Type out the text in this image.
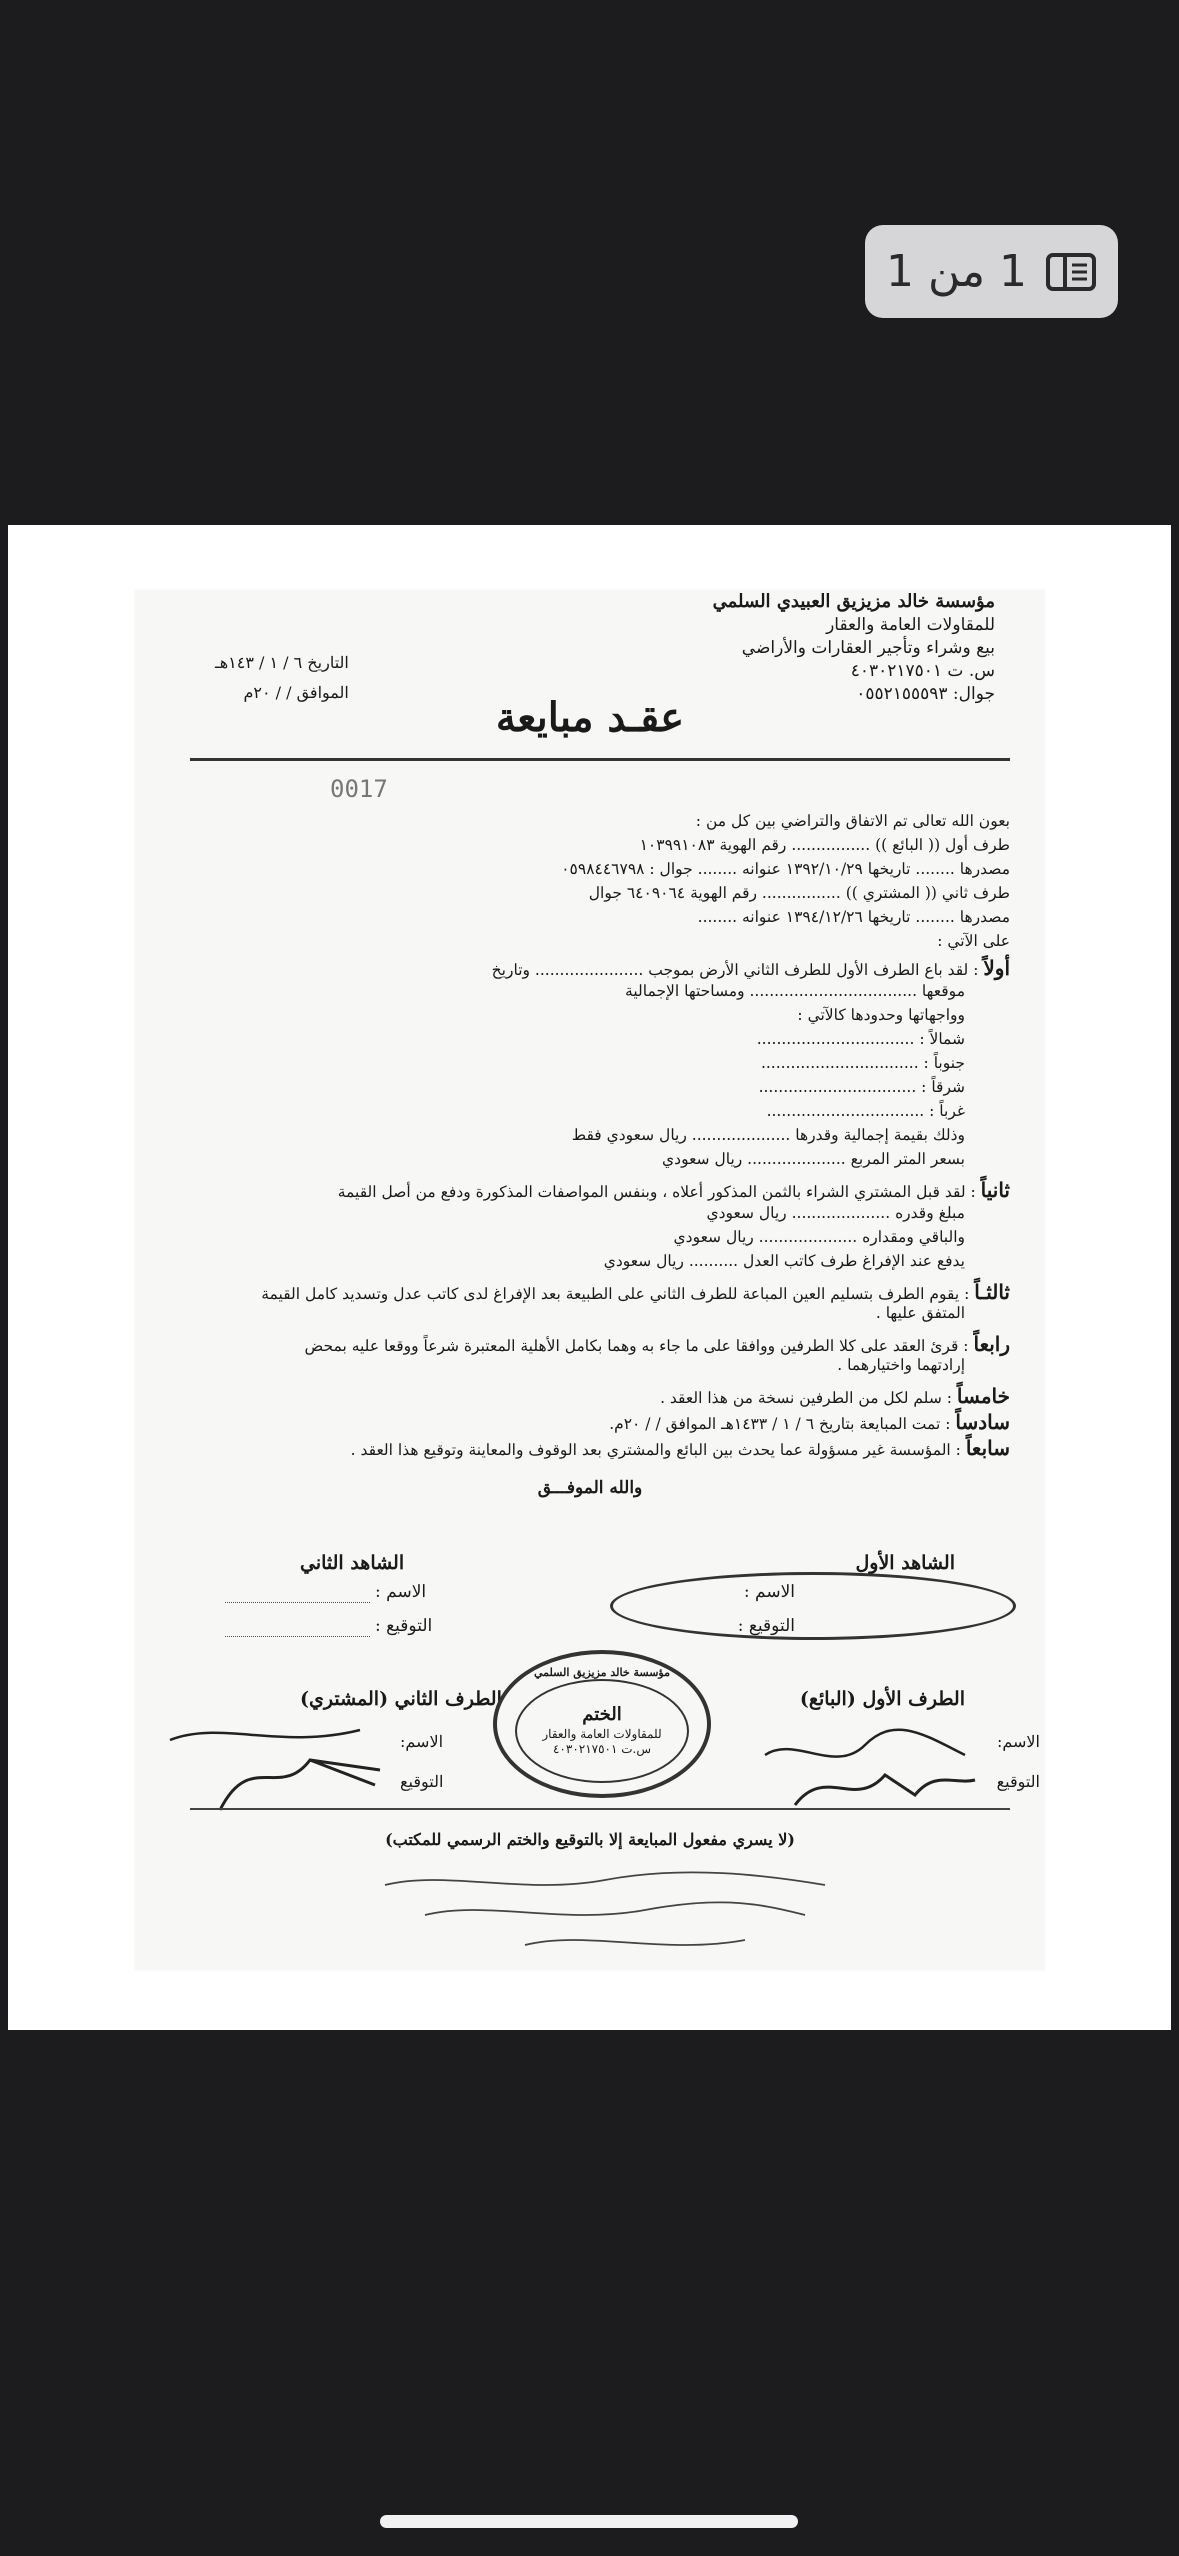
1 من 1
مؤسسة خالد مزيزيق العبيدي السلمي
للمقاولات العامة والعقار
بيع وشراء وتأجير العقارات والأراضي
س. ت ٤٠٣٠٢١٧٥٠١
جوال: ٠٥٥٢١٥٥٥٩٣
التاريخ ٦ / ١ / ١٤٣هـ
الموافق / / ٢٠م
عقـد مبايعة
0017
بعون الله تعالى تم الاتفاق والتراضي بين كل من :
طرف أول (( البائع )) ................ رقم الهوية ١٠٣٩٩١٠٨٣
مصدرها ........ تاريخها ١٣٩٢/١٠/٢٩ عنوانه ........ جوال : ٠٥٩٨٤٤٦٧٩٨
طرف ثاني (( المشتري )) ................ رقم الهوية ٦٤٠٩٠٦٤ جوال
مصدرها ........ تاريخها ١٣٩٤/١٢/٢٦ عنوانه ........
على الآتي :
أولاً : لقد باع الطرف الأول للطرف الثاني الأرض بموجب ...................... وتاريخ
موقعها .................................. ومساحتها الإجمالية
وواجهاتها وحدودها كالآتي :
شمالاً : ................................
جنوباً : ................................
شرقاً : ................................
غرباً : ................................
وذلك بقيمة إجمالية وقدرها .................... ريال سعودي فقط
بسعر المتر المربع .................... ريال سعودي
ثانياً : لقد قبل المشتري الشراء بالثمن المذكور أعلاه ، وبنفس المواصفات المذكورة ودفع من أصل القيمة
مبلغ وقدره .................... ريال سعودي
والباقي ومقداره .................... ريال سعودي
يدفع عند الإفراغ طرف كاتب العدل .......... ريال سعودي
ثالثـاً : يقوم الطرف بتسليم العين المباعة للطرف الثاني على الطبيعة بعد الإفراغ لدى كاتب عدل وتسديد كامل القيمة
المتفق عليها .
رابعاً : قرئ العقد على كلا الطرفين ووافقا على ما جاء به وهما بكامل الأهلية المعتبرة شرعاً ووقعا عليه بمحض
إرادتهما واختيارهما .
خامساً : سلم لكل من الطرفين نسخة من هذا العقد .
سادساً : تمت المبايعة بتاريخ ٦ / ١ / ١٤٣٣هـ الموافق / / ٢٠م.
سابعاً : المؤسسة غير مسؤولة عما يحدث بين البائع والمشتري بعد الوقوف والمعاينة وتوقيع هذا العقد .
والله الموفـــق
الشاهد الأول
الشاهد الثاني
الاسم :
التوقيع :
الاسم :
التوقيع :
الطرف الأول (البائع)
الطرف الثاني (المشتري)
الاسم:
التوقيع
الاسم:
التوقيع
مؤسسة خالد مزيزيق السلمي
الختم
للمقاولات العامة والعقار
س.ت ٤٠٣٠٢١٧٥٠١
(لا يسري مفعول المبايعة إلا بالتوقيع والختم الرسمي للمكتب)
